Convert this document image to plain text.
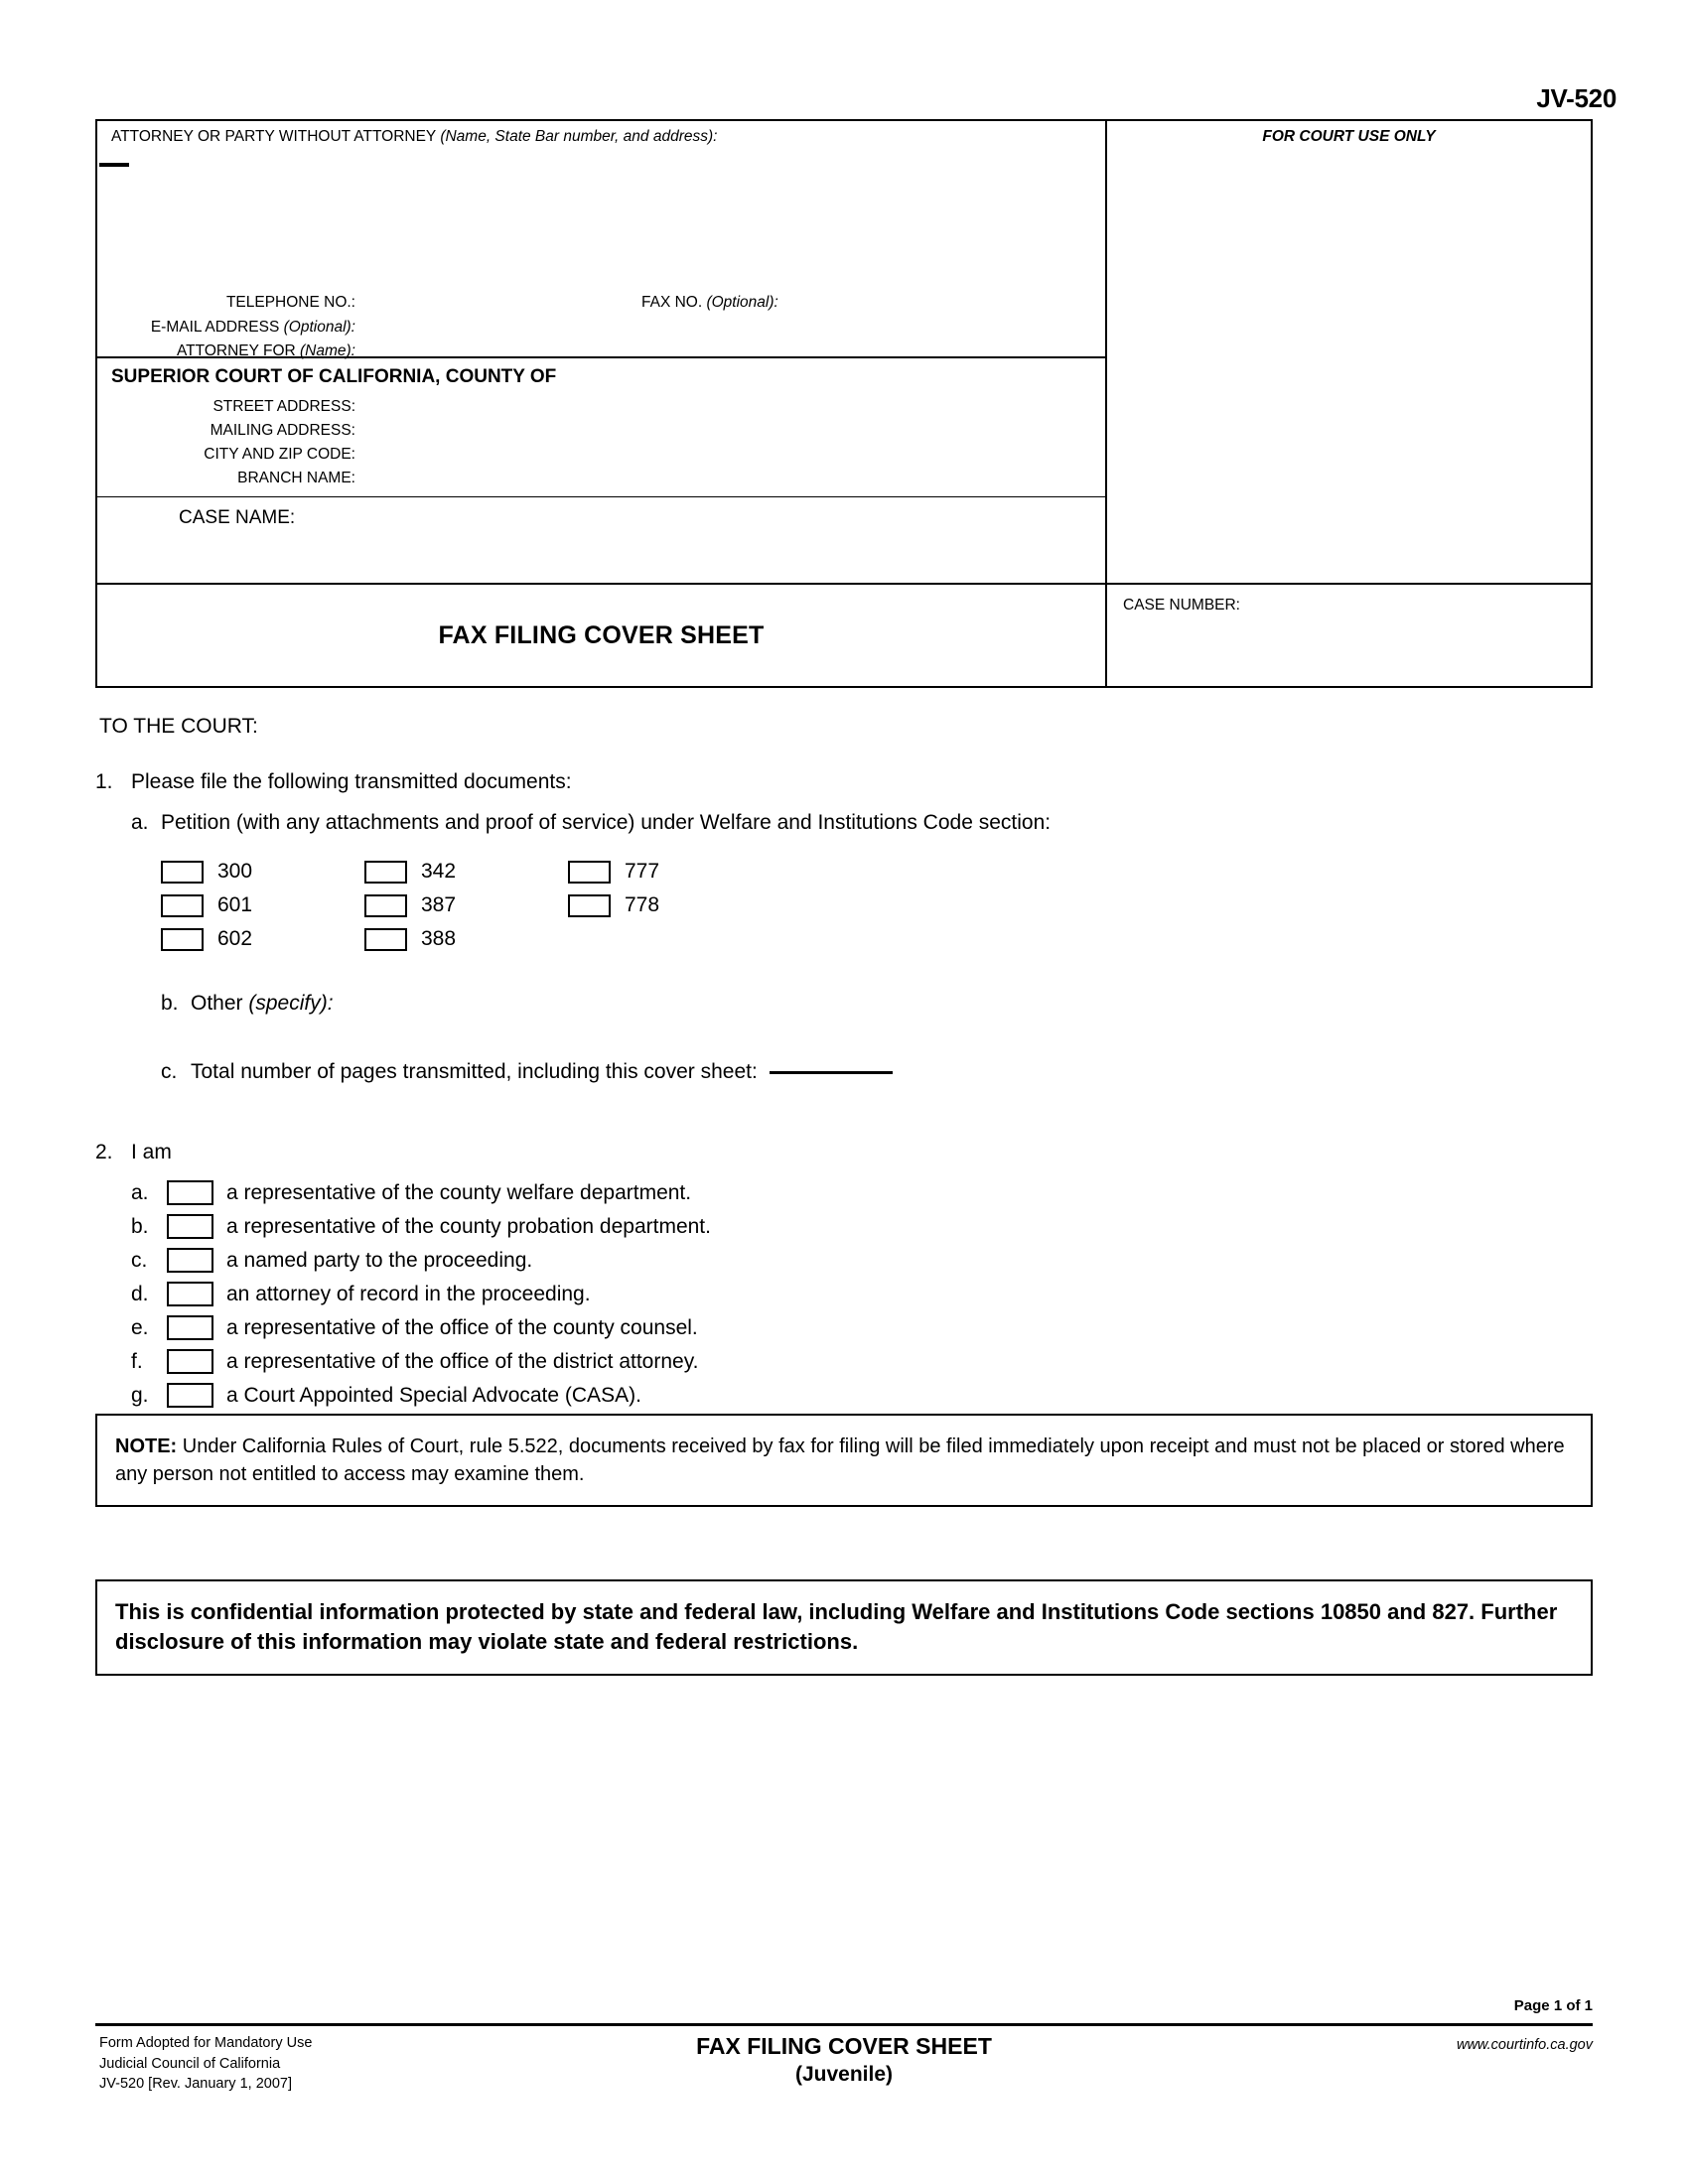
JV-520
ATTORNEY OR PARTY WITHOUT ATTORNEY (Name, State Bar number, and address):
TELEPHONE NO.:	FAX NO. (Optional):
E-MAIL ADDRESS (Optional):
ATTORNEY FOR (Name):
SUPERIOR COURT OF CALIFORNIA, COUNTY OF
STREET ADDRESS:
MAILING ADDRESS:
CITY AND ZIP CODE:
BRANCH NAME:
CASE NAME:
FAX FILING COVER SHEET
FOR COURT USE ONLY
CASE NUMBER:
TO THE COURT:
1. Please file the following transmitted documents:
a. Petition (with any attachments and proof of service) under Welfare and Institutions Code section:
300	342	777
601	387	778
602	388
b. Other (specify):
c. Total number of pages transmitted, including this cover sheet:
2. I am
a.	a representative of the county welfare department.
b.	a representative of the county probation department.
c.	a named party to the proceeding.
d.	an attorney of record in the proceeding.
e.	a representative of the office of the county counsel.
f.	a representative of the office of the district attorney.
g.	a Court Appointed Special Advocate (CASA).

NOTE: Under California Rules of Court, rule 5.522, documents received by fax for filing will be filed immediately upon receipt and must not be placed or stored where any person not entitled to access may examine them.

This is confidential information protected by state and federal law, including Welfare and Institutions Code sections 10850 and 827. Further disclosure of this information may violate state and federal restrictions.

Page 1 of 1
Form Adopted for Mandatory Use
Judicial Council of California
JV-520 [Rev. January 1, 2007]
FAX FILING COVER SHEET
(Juvenile)
www.courtinfo.ca.gov
